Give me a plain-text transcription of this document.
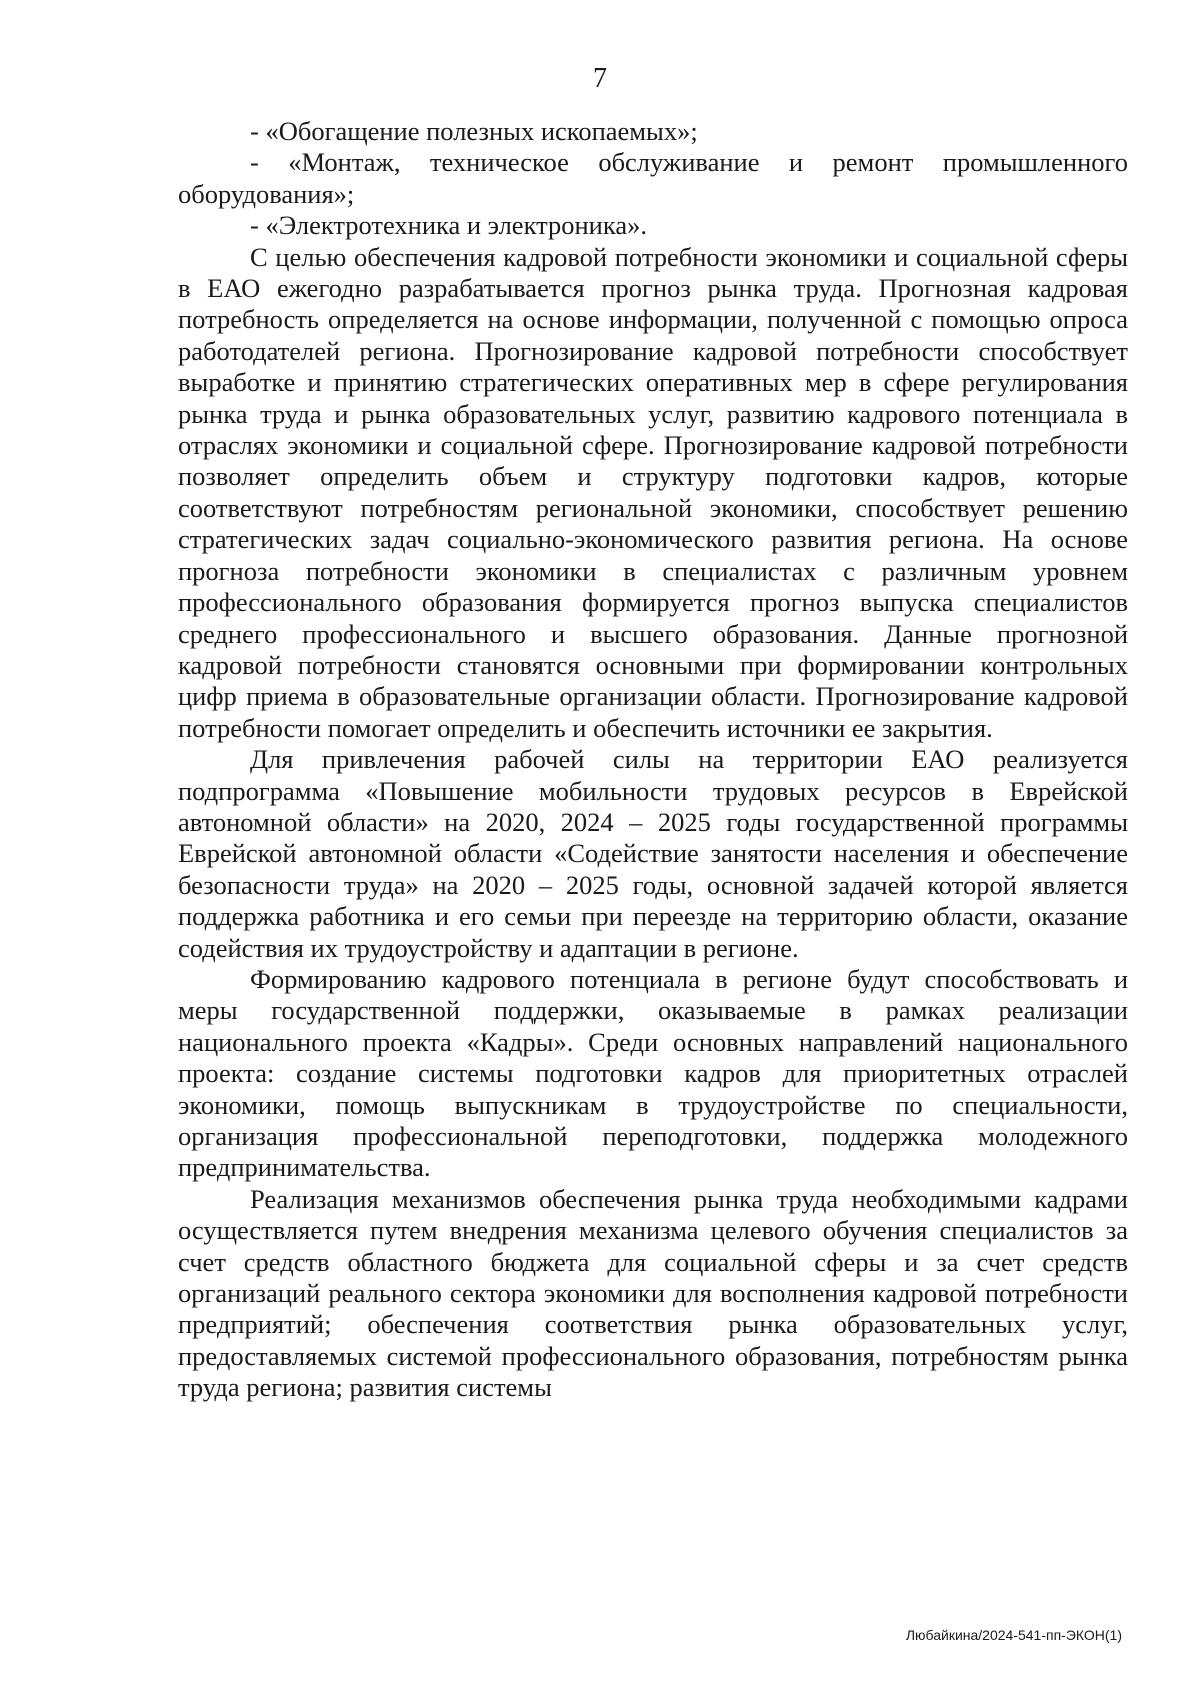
7

- «Обогащение полезных ископаемых»;

- «Монтаж, техническое обслуживание и ремонт промышленного оборудования»;

- «Электротехника и электроника».

С целью обеспечения кадровой потребности экономики и социальной сферы в ЕАО ежегодно разрабатывается прогноз рынка труда. Прогнозная кадровая потребность определяется на основе информации, полученной с помощью опроса работодателей региона. Прогнозирование кадровой потребности способствует выработке и принятию стратегических оперативных мер в сфере регулирования рынка труда и рынка образовательных услуг, развитию кадрового потенциала в отраслях экономики и социальной сфере. Прогнозирование кадровой потребности позволяет определить объем и структуру подготовки кадров, которые соответствуют потребностям региональной экономики, способствует решению стратегических задач социально-экономического развития региона. На основе прогноза потребности экономики в специалистах с различным уровнем профессионального образования формируется прогноз выпуска специалистов среднего профессионального и высшего образования. Данные прогнозной кадровой потребности становятся основными при формировании контрольных цифр приема в образовательные организации области. Прогнозирование кадровой потребности помогает определить и обеспечить источники ее закрытия.

Для привлечения рабочей силы на территории ЕАО реализуется подпрограмма «Повышение мобильности трудовых ресурсов в Еврейской автономной области» на 2020, 2024 – 2025 годы государственной программы Еврейской автономной области «Содействие занятости населения и обеспечение безопасности труда» на 2020 – 2025 годы, основной задачей которой является поддержка работника и его семьи при переезде на территорию области, оказание содействия их трудоустройству и адаптации в регионе.

Формированию кадрового потенциала в регионе будут способствовать и меры государственной поддержки, оказываемые в рамках реализации национального проекта «Кадры». Среди основных направлений национального проекта: создание системы подготовки кадров для приоритетных отраслей экономики, помощь выпускникам в трудоустройстве по специальности, организация профессиональной переподготовки, поддержка молодежного предпринимательства.

Реализация механизмов обеспечения рынка труда необходимыми кадрами осуществляется путем внедрения механизма целевого обучения специалистов за счет средств областного бюджета для социальной сферы и за счет средств организаций реального сектора экономики для восполнения кадровой потребности предприятий; обеспечения соответствия рынка образовательных услуг, предоставляемых системой профессионального образования, потребностям рынка труда региона; развития системы

Любайкина/2024-541-пп-ЭКОН(1)
